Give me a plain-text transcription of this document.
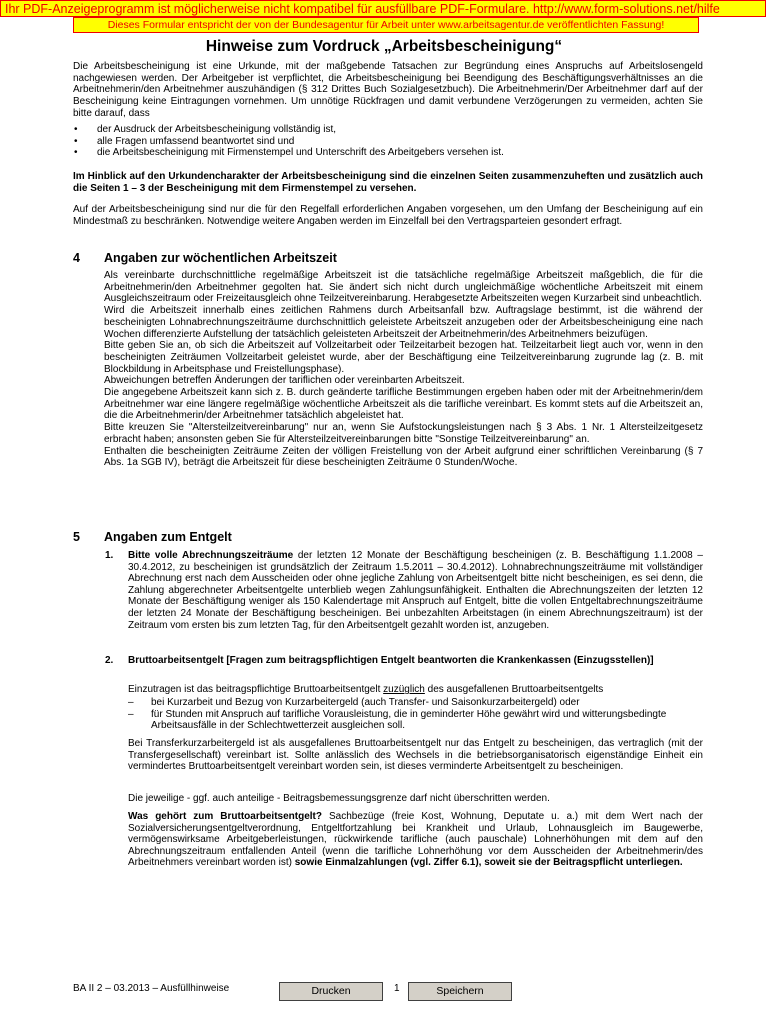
Ihr PDF-Anzeigeprogramm ist möglicherweise nicht kompatibel für ausfüllbare PDF-Formulare. http://www.form-solutions.net/hilfe
Dieses Formular entspricht der von der Bundesagentur für Arbeit unter www.arbeitsagentur.de veröffentlichten Fassung!
Hinweise zum Vordruck „Arbeitsbescheinigung“

Die Arbeitsbescheinigung ist eine Urkunde, mit der maßgebende Tatsachen zur Begründung eines Anspruchs auf Arbeitslosengeld nachgewiesen werden. Der Arbeitgeber ist verpflichtet, die Arbeitsbescheinigung bei Beendigung des Beschäftigungsverhältnisses an die Arbeitnehmerin/den Arbeitnehmer auszuhändigen (§ 312 Drittes Buch Sozialgesetzbuch). Die Arbeitnehmerin/Der Arbeitnehmer darf auf der Bescheinigung keine Eintragungen vornehmen. Um unnötige Rückfragen und damit verbundene Verzögerungen zu vermeiden, achten Sie bitte darauf, dass

• der Ausdruck der Arbeitsbescheinigung vollständig ist,
• alle Fragen umfassend beantwortet sind und
• die Arbeitsbescheinigung mit Firmenstempel und Unterschrift des Arbeitgebers versehen ist.

Im Hinblick auf den Urkundencharakter der Arbeitsbescheinigung sind die einzelnen Seiten zusammenzuheften und zusätzlich auch die Seiten 1 – 3 der Bescheinigung mit dem Firmenstempel zu versehen.

Auf der Arbeitsbescheinigung sind nur die für den Regelfall erforderlichen Angaben vorgesehen, um den Umfang der Bescheinigung auf ein Mindestmaß zu beschränken. Notwendige weitere Angaben werden im Einzelfall bei den Vertragsparteien gesondert erfragt.

4 Angaben zur wöchentlichen Arbeitszeit

Als vereinbarte durchschnittliche regelmäßige Arbeitszeit ist die tatsächliche regelmäßige Arbeitszeit maßgeblich, die für die Arbeitnehmerin/den Arbeitnehmer gegolten hat. Sie ändert sich nicht durch ungleichmäßige wöchentliche Arbeitszeit mit einem Ausgleichszeitraum oder Freizeitausgleich ohne Teilzeitvereinbarung. Herabgesetzte Arbeitszeiten wegen Kurzarbeit sind unbeachtlich.

Wird die Arbeitszeit innerhalb eines zeitlichen Rahmens durch Arbeitsanfall bzw. Auftragslage bestimmt, ist die während der bescheinigten Lohnabrechnungszeiträume durchschnittlich geleistete Arbeitszeit anzugeben oder der Arbeitsbescheinigung eine nach Wochen differenzierte Aufstellung der tatsächlich geleisteten Arbeitszeit der Arbeitnehmerin/des Arbeitnehmers beizufügen.

Bitte geben Sie an, ob sich die Arbeitszeit auf Vollzeitarbeit oder Teilzeitarbeit bezogen hat. Teilzeitarbeit liegt auch vor, wenn in den bescheinigten Zeiträumen Vollzeitarbeit geleistet wurde, aber der Beschäftigung eine Teilzeitvereinbarung zugrunde lag (z. B. mit Blockbildung in Arbeitsphase und Freistellungsphase).

Abweichungen betreffen Änderungen der tariflichen oder vereinbarten Arbeitszeit.

Die angegebene Arbeitszeit kann sich z. B. durch geänderte tarifliche Bestimmungen ergeben haben oder mit der Arbeitnehmerin/dem Arbeitnehmer war eine längere regelmäßige wöchentliche Arbeitszeit als die tarifliche vereinbart. Es kommt stets auf die Arbeitszeit an, die die Arbeitnehmerin/der Arbeitnehmer tatsächlich abgeleistet hat.

Bitte kreuzen Sie "Altersteilzeitvereinbarung" nur an, wenn Sie Aufstockungsleistungen nach § 3 Abs. 1 Nr. 1 Altersteilzeitgesetz erbracht haben; ansonsten geben Sie für Altersteilzeitvereinbarungen bitte "Sonstige Teilzeitvereinbarung" an.

Enthalten die bescheinigten Zeiträume Zeiten der völligen Freistellung von der Arbeit aufgrund einer schriftlichen Vereinbarung (§ 7 Abs. 1a SGB IV), beträgt die Arbeitszeit für diese bescheinigten Zeiträume 0 Stunden/Woche.

5 Angaben zum Entgelt
1. Bitte volle Abrechnungszeiträume der letzten 12 Monate der Beschäftigung bescheinigen (z. B. Beschäftigung 1.1.2008 – 30.4.2012, zu bescheinigen ist grundsätzlich der Zeitraum 1.5.2011 – 30.4.2012). Lohnabrechnungszeiträume mit vollständiger Abrechnung erst nach dem Ausscheiden oder ohne jegliche Zahlung von Arbeitsentgelt bitte nicht bescheinigen, es sei denn, die Zahlung abgerechneter Arbeitsentgelte unterblieb wegen Zahlungsunfähigkeit. Enthalten die Abrechnungszeiten der letzten 12 Monate der Beschäftigung weniger als 150 Kalendertage mit Anspruch auf Entgelt, bitte die vollen Entgeltabrechnungszeiträume der letzten 24 Monate der Beschäftigung bescheinigen. Bei unbezahlten Arbeitstagen (in einem Abrechnungszeitraum) ist der Zeitraum vom ersten bis zum letzten Tag, für den Arbeitsentgelt gezahlt worden ist, anzugeben.
2. Bruttoarbeitsentgelt [Fragen zum beitragspflichtigen Entgelt beantworten die Krankenkassen (Einzugsstellen)]
Einzutragen ist das beitragspflichtige Bruttoarbeitsentgelt zuzüglich des ausgefallenen Bruttoarbeitsentgelts
– bei Kurzarbeit und Bezug von Kurzarbeitergeld (auch Transfer- und Saisonkurzarbeitergeld) oder
– für Stunden mit Anspruch auf tarifliche Vorausleistung, die in geminderter Höhe gewährt wird und witterungsbedingte Arbeitsausfälle in der Schlechtwetterzeit ausgleichen soll.

Bei Transferkurzarbeitergeld ist als ausgefallenes Bruttoarbeitsentgelt nur das Entgelt zu bescheinigen, das vertraglich (mit der Transfergesellschaft) vereinbart ist. Sollte anlässlich des Wechsels in die betriebsorganisatorisch eigenständige Einheit ein vermindertes Bruttoarbeitsentgelt vereinbart worden sein, ist dieses verminderte Arbeitsentgelt zu bescheinigen.

Die jeweilige - ggf. auch anteilige - Beitragsbemessungsgrenze darf nicht überschritten werden.

Was gehört zum Bruttoarbeitsentgelt? Sachbezüge (freie Kost, Wohnung, Deputate u. a.) mit dem Wert nach der Sozialversicherungsentgeltverordnung, Entgeltfortzahlung bei Krankheit und Urlaub, Lohnausgleich im Baugewerbe, vermögenswirksame Arbeitgeberleistungen, rückwirkende tarifliche (auch pauschale) Lohnerhöhungen mit dem auf den Abrechnungszeitraum entfallenden Anteil (wenn die tarifliche Lohnerhöhung vor dem Ausscheiden der Arbeitnehmerin/des Arbeitnehmers vereinbart worden ist) sowie Einmalzahlungen (vgl. Ziffer 6.1), soweit sie der Beitragspflicht unterliegen.
BA II 2 – 03.2013 – Ausfüllhinweise	1
Drucken	Speichern
